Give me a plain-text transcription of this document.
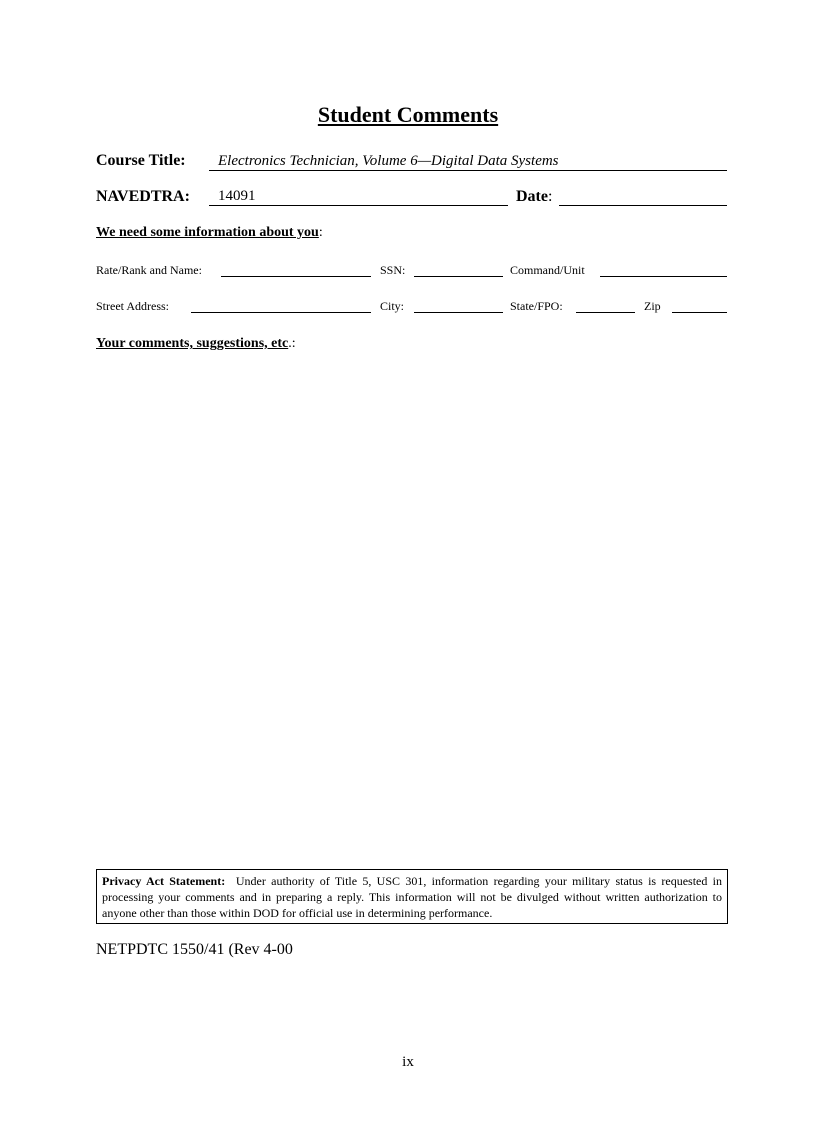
Student Comments
Course Title: Electronics Technician, Volume 6—Digital Data Systems
NAVEDTRA: 14091	Date:
We need some information about you:
Rate/Rank and Name:	SSN:	Command/Unit
Street Address:	City:	State/FPO:	Zip
Your comments, suggestions, etc.:
Privacy Act Statement: Under authority of Title 5, USC 301, information regarding your military status is requested in processing your comments and in preparing a reply. This information will not be divulged without written authorization to anyone other than those within DOD for official use in determining performance.
NETPDTC 1550/41 (Rev 4-00
ix
